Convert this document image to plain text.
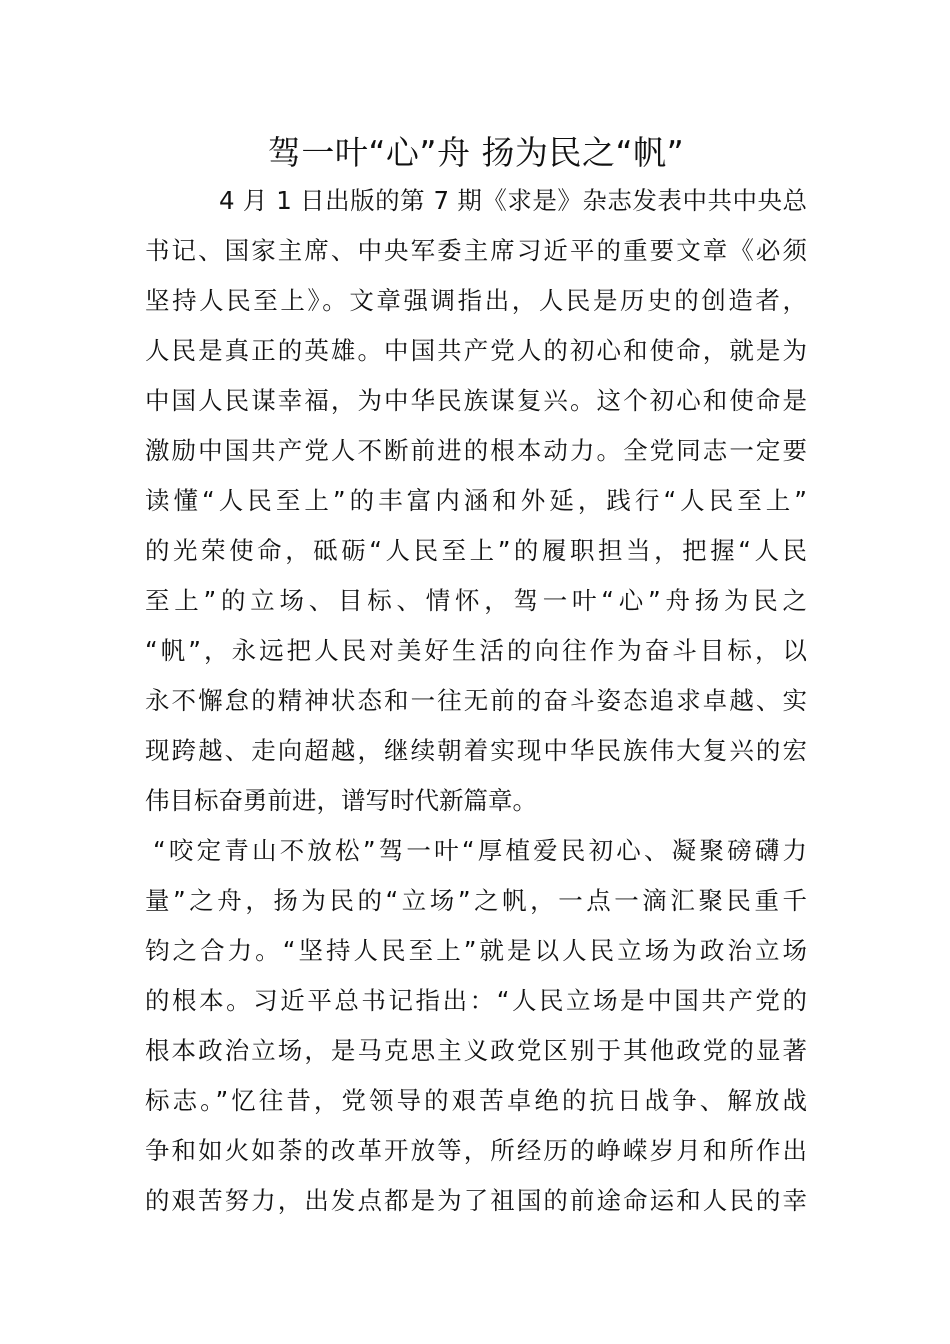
驾一叶“心”舟 扬为民之“帆”
4 月 1 日出版的第 7 期《求是》杂志发表中共中央总
书记、国家主席、中央军委主席习近平的重要文章《必须
坚持人民至上》。文章强调指出，人民是历史的创造者，
人民是真正的英雄。中国共产党人的初心和使命，就是为
中国人民谋幸福，为中华民族谋复兴。这个初心和使命是
激励中国共产党人不断前进的根本动力。全党同志一定要
读懂“人民至上”的丰富内涵和外延，践行“人民至上”
的光荣使命，砥砺“人民至上”的履职担当，把握“人民
至上”的立场、目标、情怀，驾一叶“心”舟扬为民之
“帆”，永远把人民对美好生活的向往作为奋斗目标，以
永不懈怠的精神状态和一往无前的奋斗姿态追求卓越、实
现跨越、走向超越，继续朝着实现中华民族伟大复兴的宏
伟目标奋勇前进，谱写时代新篇章。
“咬定青山不放松”驾一叶“厚植爱民初心、凝聚磅礴力
量”之舟，扬为民的“立场”之帆，一点一滴汇聚民重千
钧之合力。“坚持人民至上”就是以人民立场为政治立场
的根本。习近平总书记指出：“人民立场是中国共产党的
根本政治立场，是马克思主义政党区别于其他政党的显著
标志。”忆往昔，党领导的艰苦卓绝的抗日战争、解放战
争和如火如荼的改革开放等，所经历的峥嵘岁月和所作出
的艰苦努力，出发点都是为了祖国的前途命运和人民的幸
